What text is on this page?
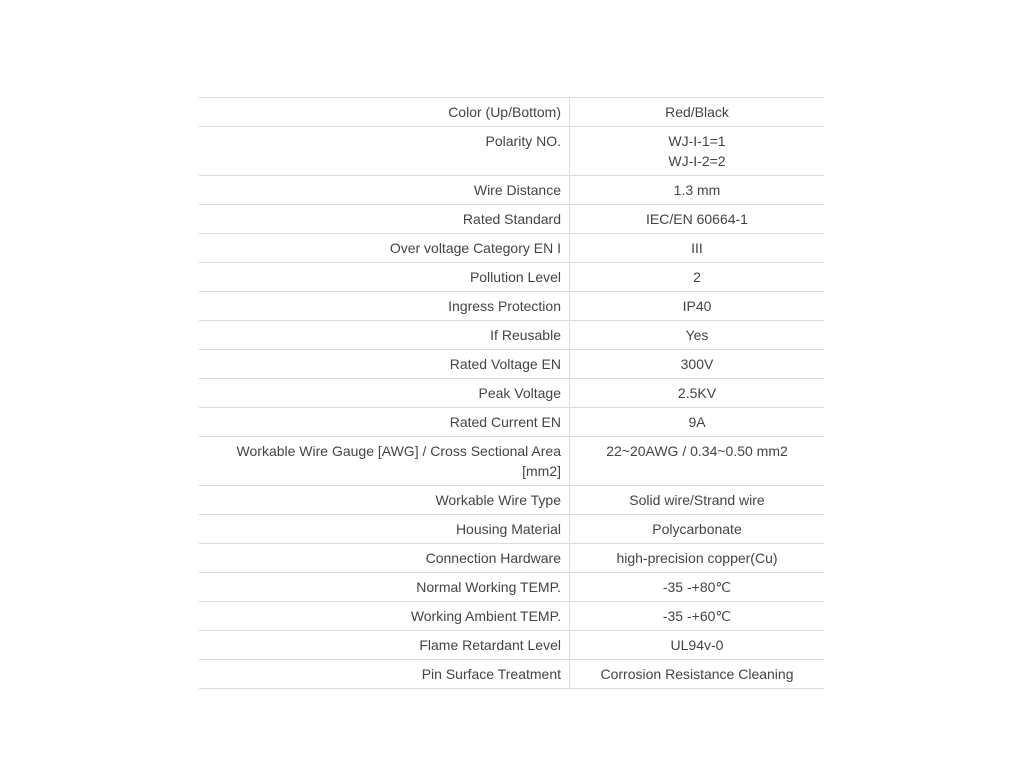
Color (Up/Bottom)	Red/Black

Polarity NO.	WJ-I-1=1
WJ-I-2=2

Wire Distance	1.3 mm

Rated Standard	IEC/EN 60664-1

Over voltage Category EN I	III

Pollution Level	2

Ingress Protection	IP40

If Reusable	Yes

Rated Voltage EN	300V

Peak Voltage	2.5KV

Rated Current EN	9A

Workable Wire Gauge [AWG] / Cross Sectional Area [mm2]	22~20AWG / 0.34~0.50 mm2

Workable Wire Type	Solid wire/Strand wire

Housing Material	Polycarbonate

Connection Hardware	high-precision copper(Cu)

Normal Working TEMP.	-35 -+80℃

Working Ambient TEMP.	-35 -+60℃

Flame Retardant Level	UL94v-0

Pin Surface Treatment	Corrosion Resistance Cleaning
